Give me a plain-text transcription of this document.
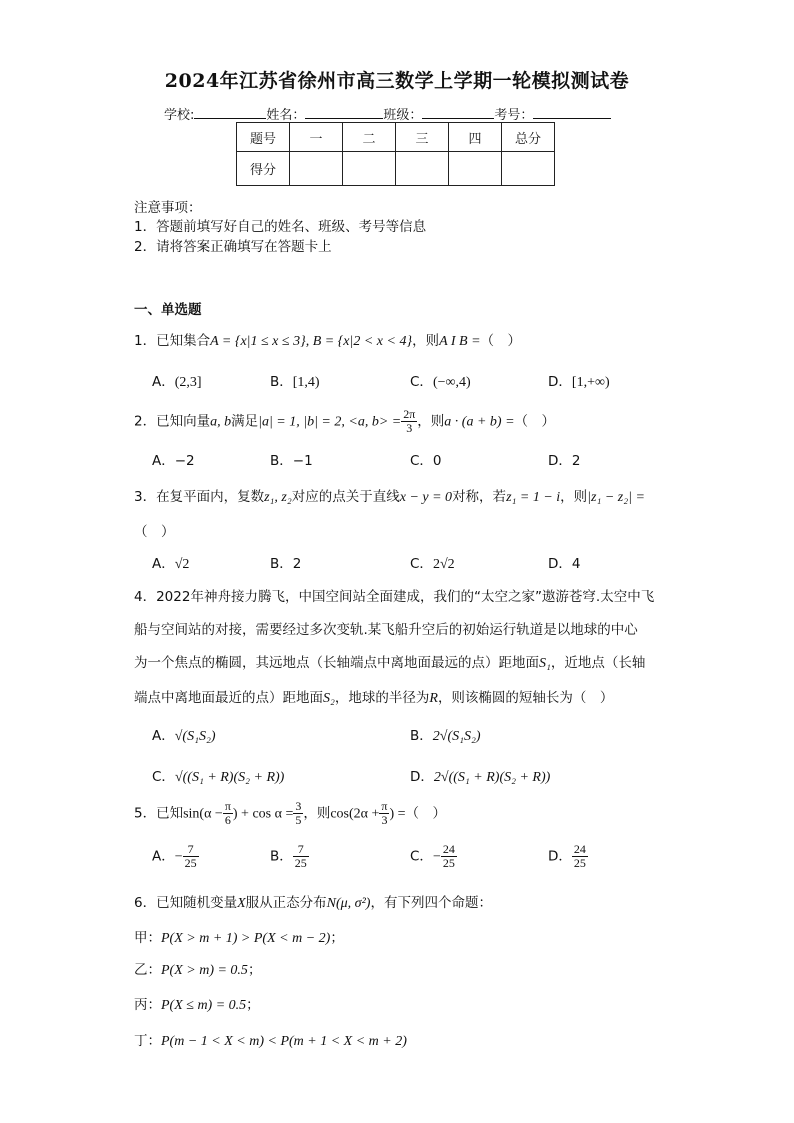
2024年江苏省徐州市高三数学上学期一轮模拟测试卷
学校:	姓名：	班级：	考号：
题号	一	二	三	四	总分
得分					
注意事项：
1．答题前填写好自己的姓名、班级、考号等信息
2．请将答案正确填写在答题卡上
一、单选题
1．已知集合A = {x|1 ≤ x ≤ 3}, B = {x|2 < x < 4}，则A I B =（　）
A．(2,3]	B．[1,4)	C．(−∞,4)	D．[1,+∞)
2．已知向量a, b满足|a| = 1, |b| = 2, <a, $b> = \frac{2\pi}{3}$ ，则a · (a + b) =（　）
A．−2	B．−1	C．0	D．2
3．在复平面内，复数z₁, z₂对应的点关于直线x − y = 0对称，若z₁ = 1 − i，则|z₁ − z₂| =
（　）
A．√2	B．2	C．2√2	D．4
4．2022年神舟接力腾飞，中国空间站全面建成，我们的“太空之家”遨游苍穹.太空中飞
船与空间站的对接，需要经过多次变轨.某飞船升空后的初始运行轨道是以地球的中心
为一个焦点的椭圆，其远地点（长轴端点中离地面最远的点）距地面S₁，近地点（长轴
端点中离地面最近的点）距地面S₂，地球的半径为R，则该椭圆的短轴长为（　）
A．√(S₁S₂)	B．2√(S₁S₂)
C．√((S₁ + R)(S₂ + R))	D．2√((S₁ + R)(S₂ + R))
5．已知$\sin(\alpha - \frac{\pi}{6}$ ) + $\cos \alpha = \frac{3}{5}$ ，则$\cos(2\alpha + \frac{\pi}{3}$ ) =（　）
A．− $\frac{7}{25}$	B． $\frac{7}{25}$	C．− $\frac{24}{25}$	D． $\frac{24}{25}$
6．已知随机变量X服从正态分布N(μ, σ²)，有下列四个命题：
甲：P(X > m + 1) > P(X < m − 2)；
乙：P(X > m) = 0.5；
丙：P(X ≤ m) = 0.5；
丁：P(m − 1 < X < m) < P(m + 1 < X < m + 2)
